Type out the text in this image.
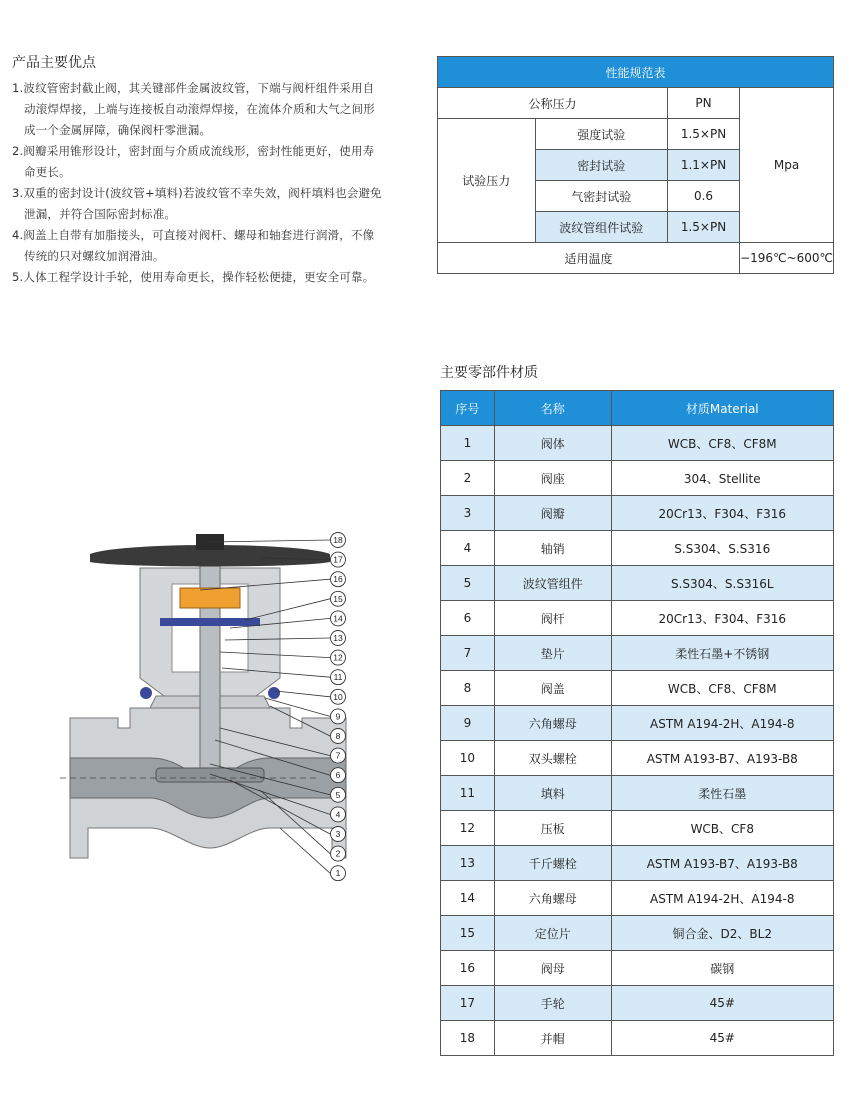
产品主要优点
1.波纹管密封截止阀，其关键部件金属波纹管，下端与阀杆组件采用自动滚焊焊接，上端与连接板自动滚焊焊接，在流体介质和大气之间形成一个金属屏障，确保阀杆零泄漏。
2.阀瓣采用锥形设计，密封面与介质成流线形，密封性能更好，使用寿命更长。
3.双重的密封设计(波纹管+填料)若波纹管不幸失效，阀杆填料也会避免泄漏，并符合国际密封标准。
4.阀盖上自带有加脂接头，可直接对阀杆、螺母和轴套进行润滑，不像传统的只对螺纹加润滑油。
5.人体工程学设计手轮，使用寿命更长，操作轻松便捷，更安全可靠。
性能规范表			
公称压力		PN	Mpa
试验压力	强度试验	1.5×PN	
	密封试验	1.1×PN	
	气密封试验	0.6	
	波纹管组件试验	1.5×PN	
适用温度			−196℃~600℃
主要零部件材质
序号	名称	材质Material
1	阀体	WCB、CF8、CF8M
2	阀座	304、Stellite
3	阀瓣	20Cr13、F304、F316
4	轴销	S.S304、S.S316
5	波纹管组件	S.S304、S.S316L
6	阀杆	20Cr13、F304、F316
7	垫片	柔性石墨+不锈钢
8	阀盖	WCB、CF8、CF8M
9	六角螺母	ASTM A194-2H、A194-8
10	双头螺栓	ASTM A193-B7、A193-B8
11	填料	柔性石墨
12	压板	WCB、CF8
13	千斤螺栓	ASTM A193-B7、A193-B8
14	六角螺母	ASTM A194-2H、A194-8
15	定位片	铜合金、D2、BL2
16	阀母	碳钢
17	手轮	45#
18	并帽	45#
18
17
16
15
14
13
12
11
10
9
8
7
6
5
4
3
2
1
